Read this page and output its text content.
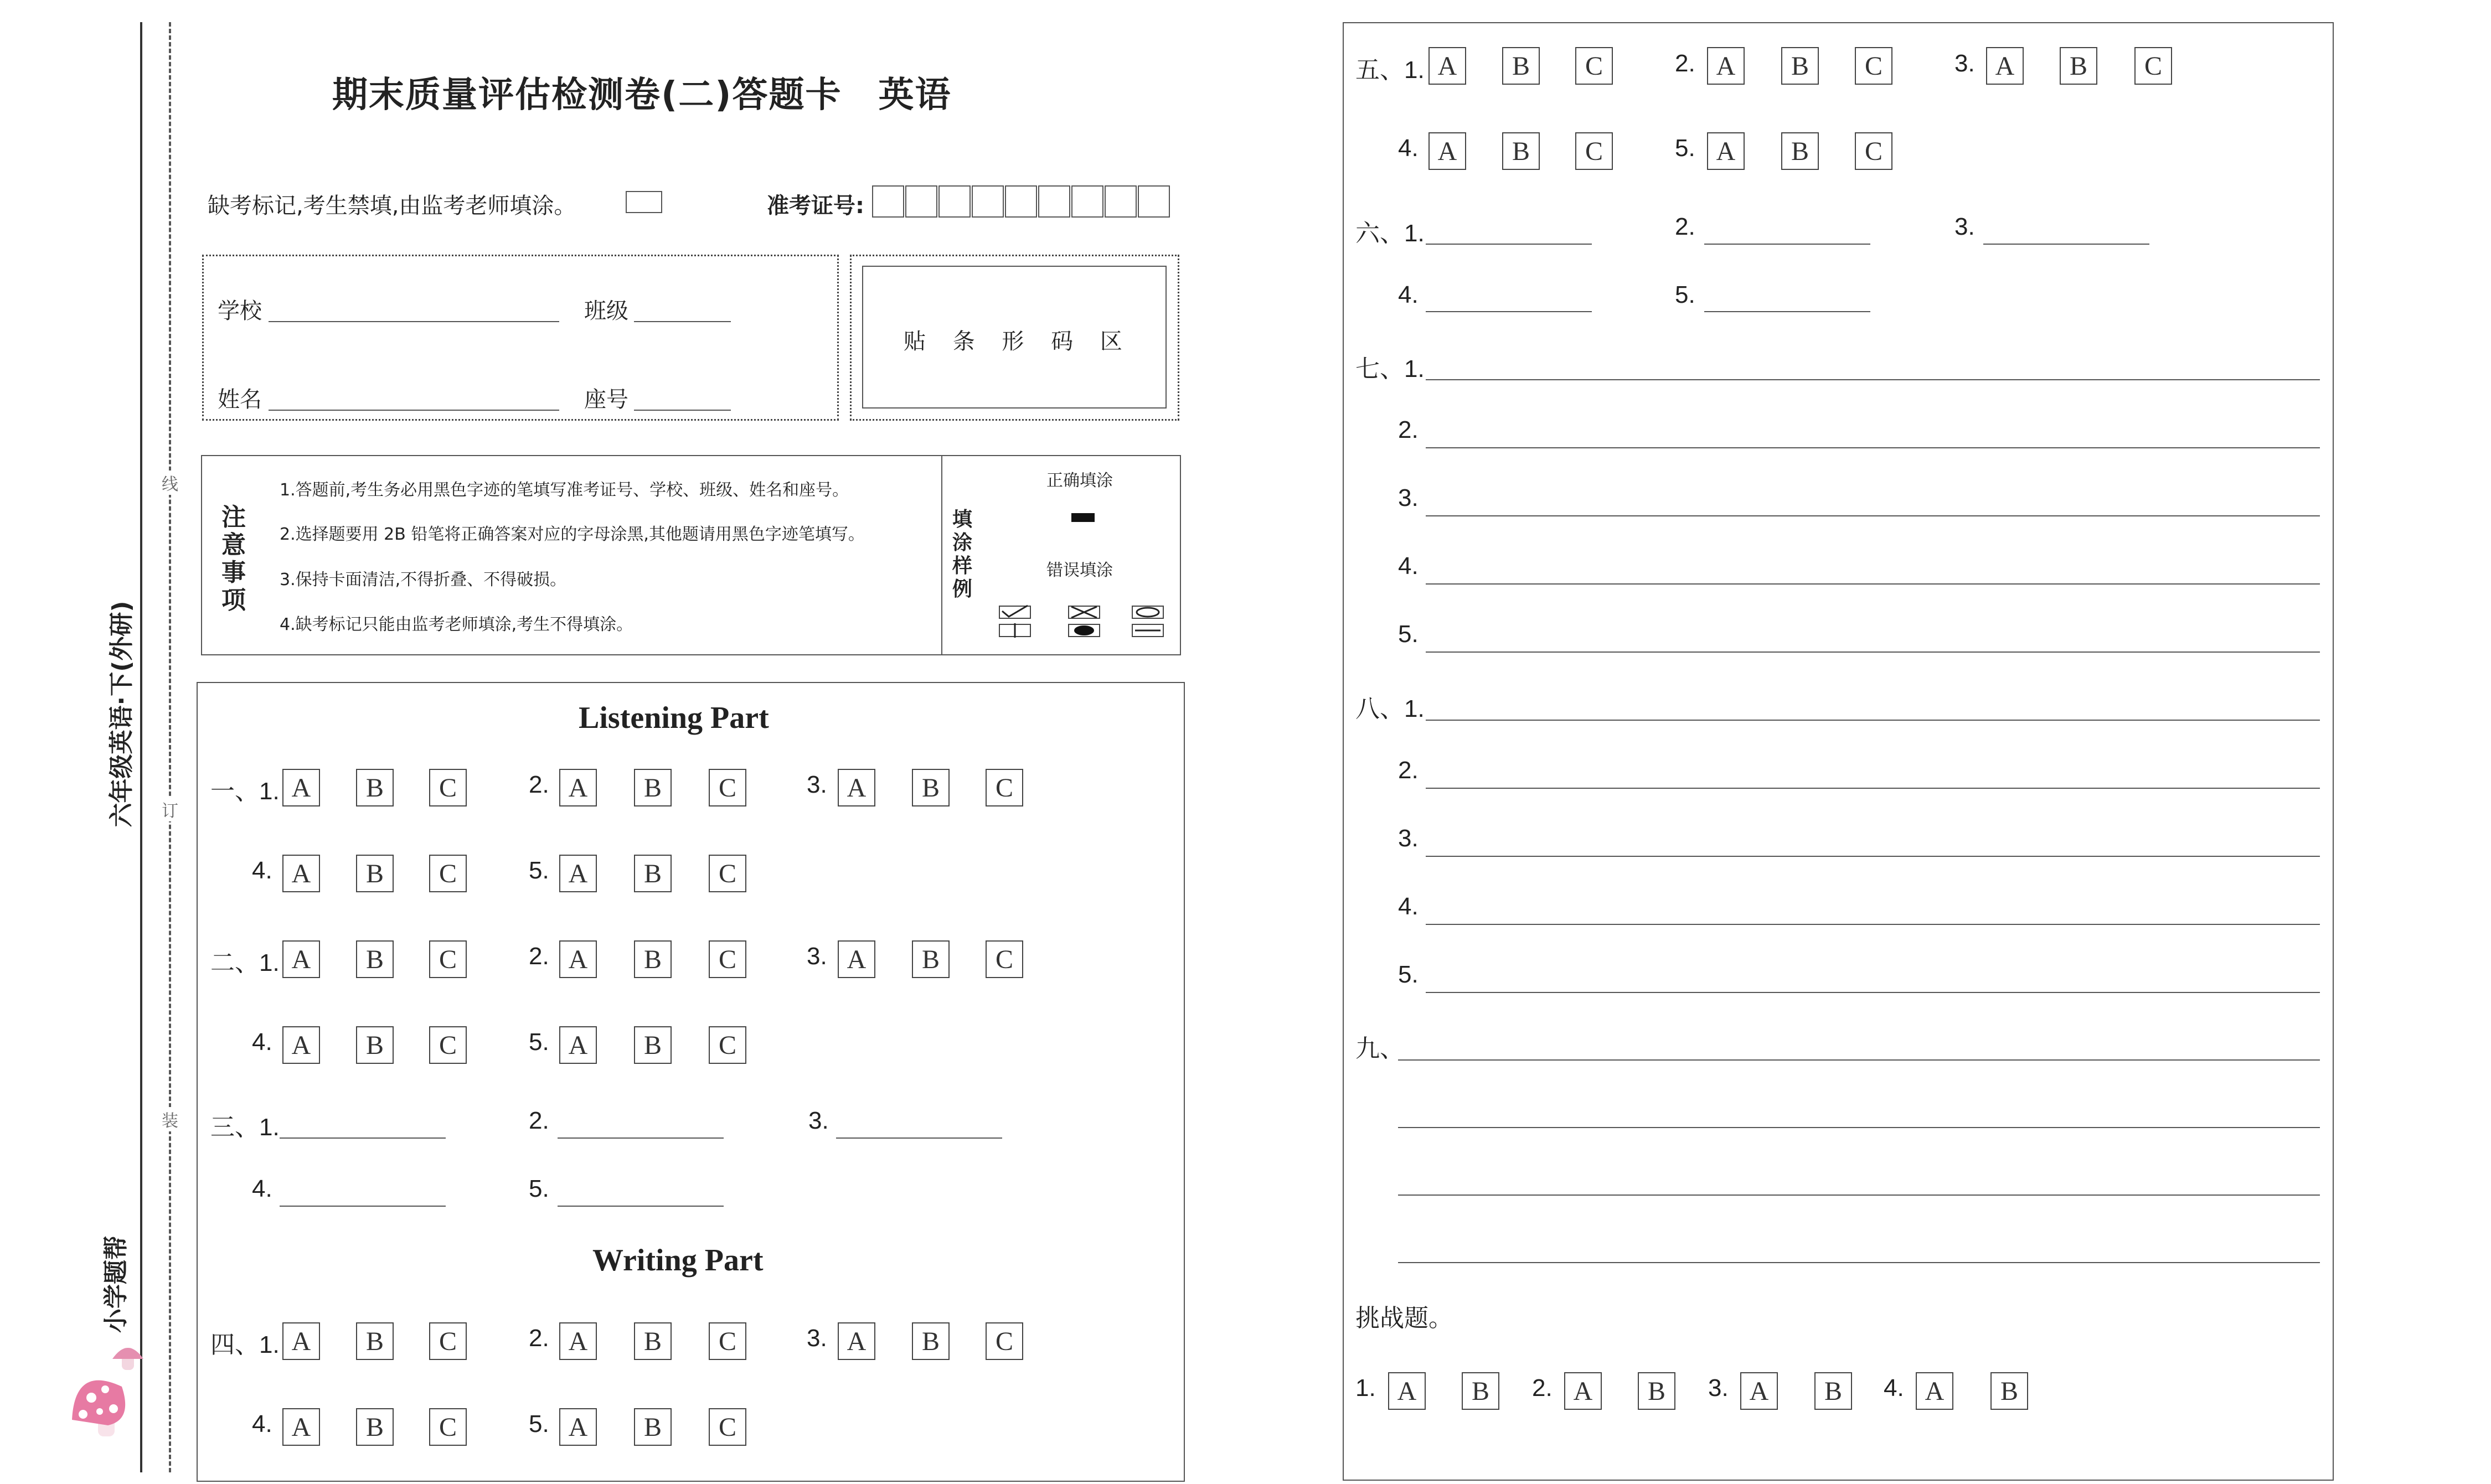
线
订
装
六年级英语·下(外研)
小学题帮
期末质量评估检测卷(二)答题卡　英语
缺考标记,考生禁填,由监考老师填涂。	准考证号:
学校	班级
姓名	座号
贴 条 形 码 区
注意事项
1.答题前,考生务必用黑色字迹的笔填写准考证号、学校、班级、姓名和座号。
2.选择题要用 2B 铅笔将正确答案对应的字母涂黑,其他题请用黑色字迹笔填写。
3.保持卡面清洁,不得折叠、不得破损。
4.缺考标记只能由监考老师填涂,考生不得填涂。
填涂样例
正确填涂
错误填涂
Listening Part
一、1. A	B	C	2. A	B	C	3. A	B	C
4. A	B	C	5. A	B	C
二、1. A	B	C	2. A	B	C	3. A	B	C
4. A	B	C	5. A	B	C
三、1.	2.	3.
4.	5.
Writing Part
四、1. A	B	C	2. A	B	C	3. A	B	C
4. A	B	C	5. A	B	C
五、1. A	B	C	2. A	B	C	3. A	B	C
4. A	B	C	5. A	B	C
六、1.	2.	3.
4.	5.
七、1.
2.
3.
4.
5.
八、1.
2.
3.
4.
5.
九、
挑战题。
1. A	B	2. A	B	3. A	B	4. A	B
